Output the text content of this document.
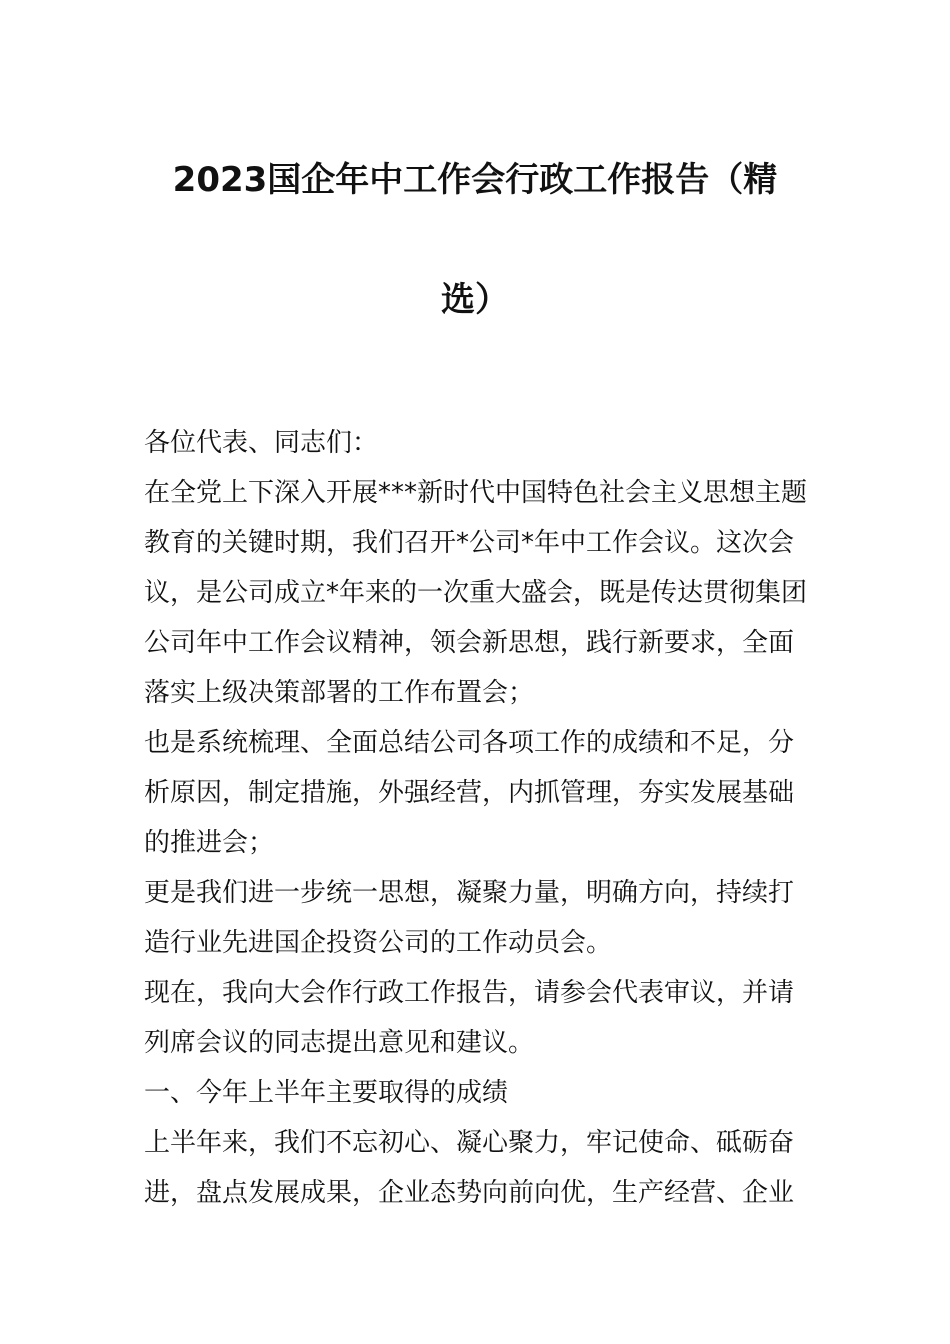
2023国企年中工作会行政工作报告（精
选）
各位代表、同志们：
在全党上下深入开展***新时代中国特色社会主义思想主题
教育的关键时期，我们召开*公司*年中工作会议。这次会
议，是公司成立*年来的一次重大盛会，既是传达贯彻集团
公司年中工作会议精神，领会新思想，践行新要求，全面
落实上级决策部署的工作布置会；
也是系统梳理、全面总结公司各项工作的成绩和不足，分
析原因，制定措施，外强经营，内抓管理，夯实发展基础
的推进会；
更是我们进一步统一思想，凝聚力量，明确方向，持续打
造行业先进国企投资公司的工作动员会。
现在，我向大会作行政工作报告，请参会代表审议，并请
列席会议的同志提出意见和建议。
一、今年上半年主要取得的成绩
上半年来，我们不忘初心、凝心聚力，牢记使命、砥砺奋
进，盘点发展成果，企业态势向前向优，生产经营、企业
